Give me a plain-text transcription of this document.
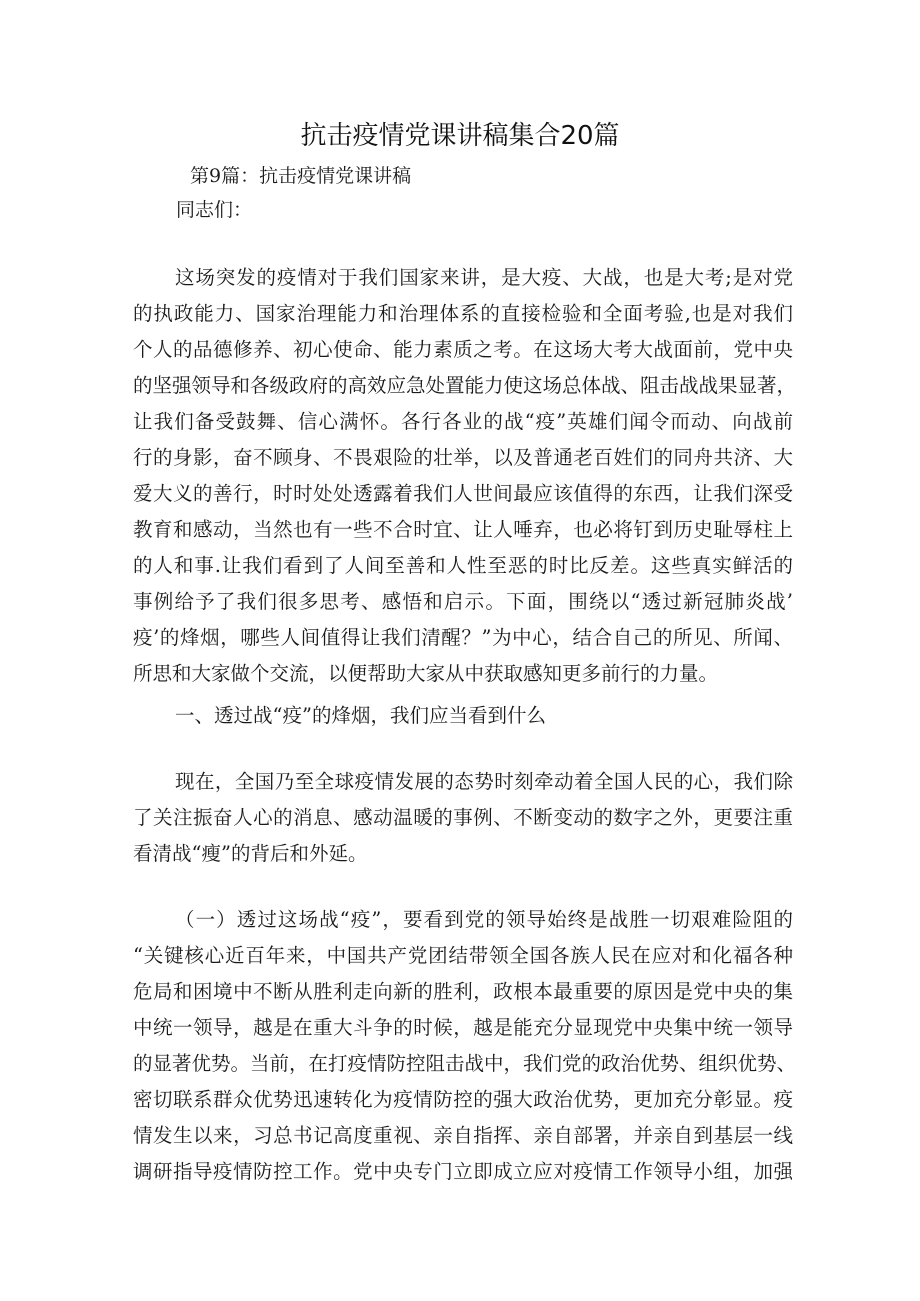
抗击疫情党课讲稿集合20篇
第9篇：抗击疫情党课讲稿
同志们：
这场突发的疫情对于我们国家来讲，是大疫、大战，也是大考;是对党
的执政能力、国家治理能力和治理体系的直接检验和全面考验,也是对我们
个人的品德修养、初心使命、能力素质之考。在这场大考大战面前，党中央
的坚强领导和各级政府的高效应急处置能力使这场总体战、阻击战战果显著，
让我们备受鼓舞、信心满怀。各行各业的战“疫”英雄们闻令而动、向战前
行的身影，奋不顾身、不畏艰险的壮举，以及普通老百姓们的同舟共济、大
爱大义的善行，时时处处透露着我们人世间最应该值得的东西，让我们深受
教育和感动，当然也有一些不合时宜、让人唾弃，也必将钉到历史耻辱柱上
的人和事.让我们看到了人间至善和人性至恶的时比反差。这些真实鲜活的
事例给予了我们很多思考、感悟和启示。下面，围绕以“透过新冠肺炎战’
疫’的烽烟，哪些人间值得让我们清醒？”为中心，结合自己的所见、所闻、
所思和大家做个交流，以便帮助大家从中获取感知更多前行的力量。
一、透过战“疫”的烽烟，我们应当看到什么
现在，全国乃至全球疫情发展的态势时刻牵动着全国人民的心，我们除
了关注振奋人心的消息、感动温暖的事例、不断变动的数字之外，更要注重
看清战“瘦”的背后和外延。
（一）透过这场战“疫”，要看到党的领导始终是战胜一切艰难险阻的
“关键核心近百年来，中国共产党团结带领全国各族人民在应对和化福各种
危局和困境中不断从胜利走向新的胜利，政根本最重要的原因是党中央的集
中统一领导，越是在重大斗争的时候，越是能充分显现党中央集中统一领导
的显著优势。当前，在打疫情防控阻击战中，我们党的政治优势、组织优势、
密切联系群众优势迅速转化为疫情防控的强大政治优势，更加充分彰显。疫
情发生以来，习总书记高度重视、亲自指挥、亲自部署，并亲自到基层一线
调研指导疫情防控工作。党中央专门立即成立应对疫情工作领导小组，加强
